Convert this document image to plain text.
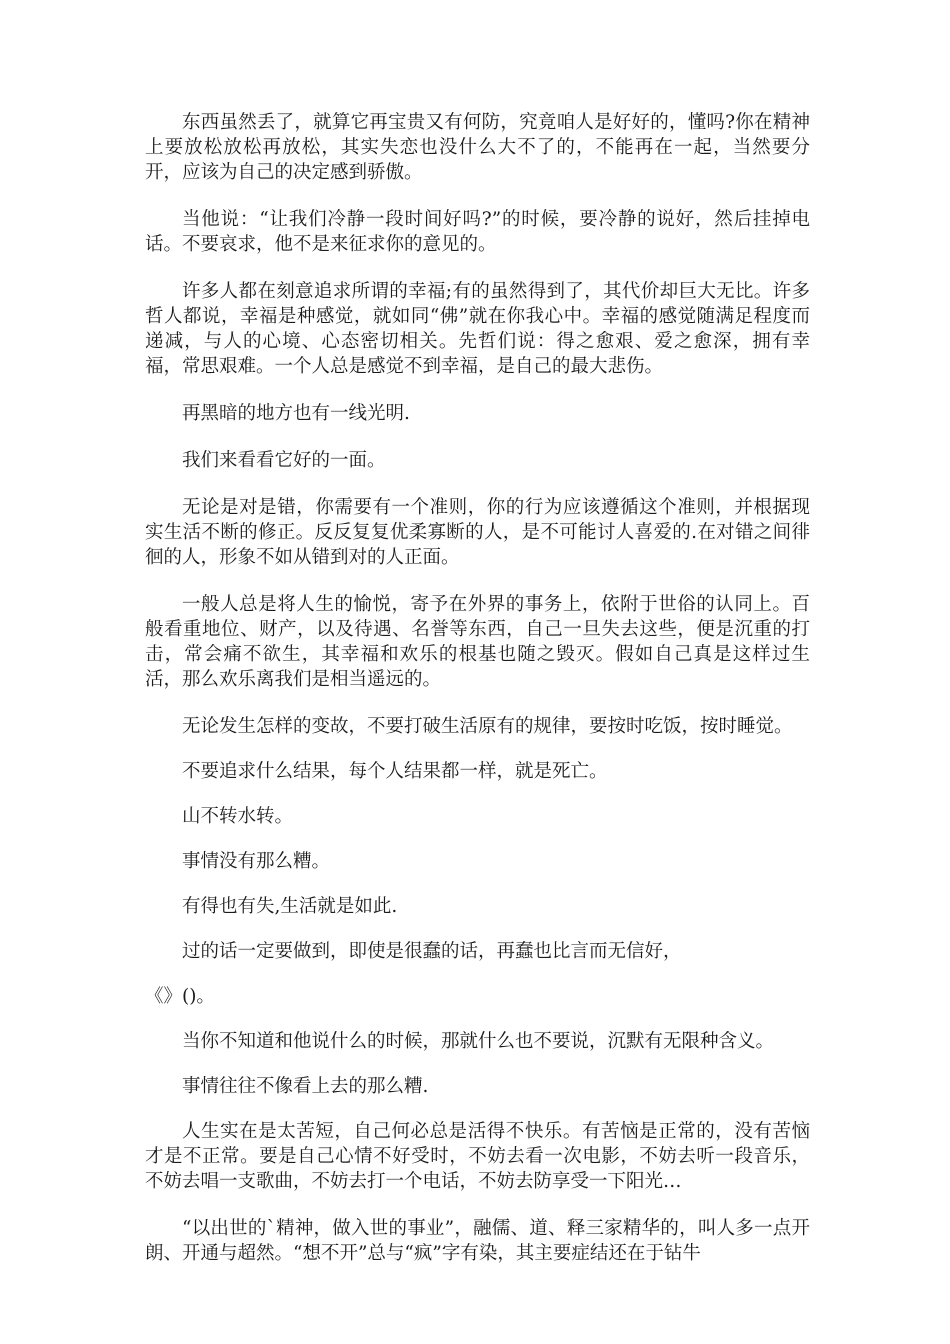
东西虽然丢了，就算它再宝贵又有何防，究竟咱人是好好的，懂吗?你在精神上要放松放松再放松，其实失恋也没什么大不了的，不能再在一起，当然要分开，应该为自己的决定感到骄傲。

当他说：“让我们冷静一段时间好吗?”的时候，要冷静的说好，然后挂掉电话。不要哀求，他不是来征求你的意见的。

许多人都在刻意追求所谓的幸福;有的虽然得到了，其代价却巨大无比。许多哲人都说，幸福是种感觉，就如同“佛”就在你我心中。幸福的感觉随满足程度而递减，与人的心境、心态密切相关。先哲们说：得之愈艰、爱之愈深，拥有幸福，常思艰难。一个人总是感觉不到幸福，是自己的最大悲伤。

再黑暗的地方也有一线光明.

我们来看看它好的一面。

无论是对是错，你需要有一个准则，你的行为应该遵循这个准则，并根据现实生活不断的修正。反反复复优柔寡断的人，是不可能讨人喜爱的.在对错之间徘徊的人，形象不如从错到对的人正面。

一般人总是将人生的愉悦，寄予在外界的事务上，依附于世俗的认同上。百般看重地位、财产，以及待遇、名誉等东西，自己一旦失去这些，便是沉重的打击，常会痛不欲生，其幸福和欢乐的根基也随之毁灭。假如自己真是这样过生活，那么欢乐离我们是相当遥远的。

无论发生怎样的变故，不要打破生活原有的规律，要按时吃饭，按时睡觉。

不要追求什么结果，每个人结果都一样，就是死亡。

山不转水转。

事情没有那么糟。

有得也有失,生活就是如此.

过的话一定要做到，即使是很蠢的话，再蠢也比言而无信好，

《》()。

当你不知道和他说什么的时候，那就什么也不要说，沉默有无限种含义。

事情往往不像看上去的那么糟.

人生实在是太苦短，自己何必总是活得不快乐。有苦恼是正常的，没有苦恼才是不正常。要是自己心情不好受时，不妨去看一次电影，不妨去听一段音乐，不妨去唱一支歌曲，不妨去打一个电话，不妨去防享受一下阳光…

“以出世的`精神，做入世的事业”，融儒、道、释三家精华的，叫人多一点开朗、开通与超然。“想不开”总与“疯”字有染，其主要症结还在于钻牛
